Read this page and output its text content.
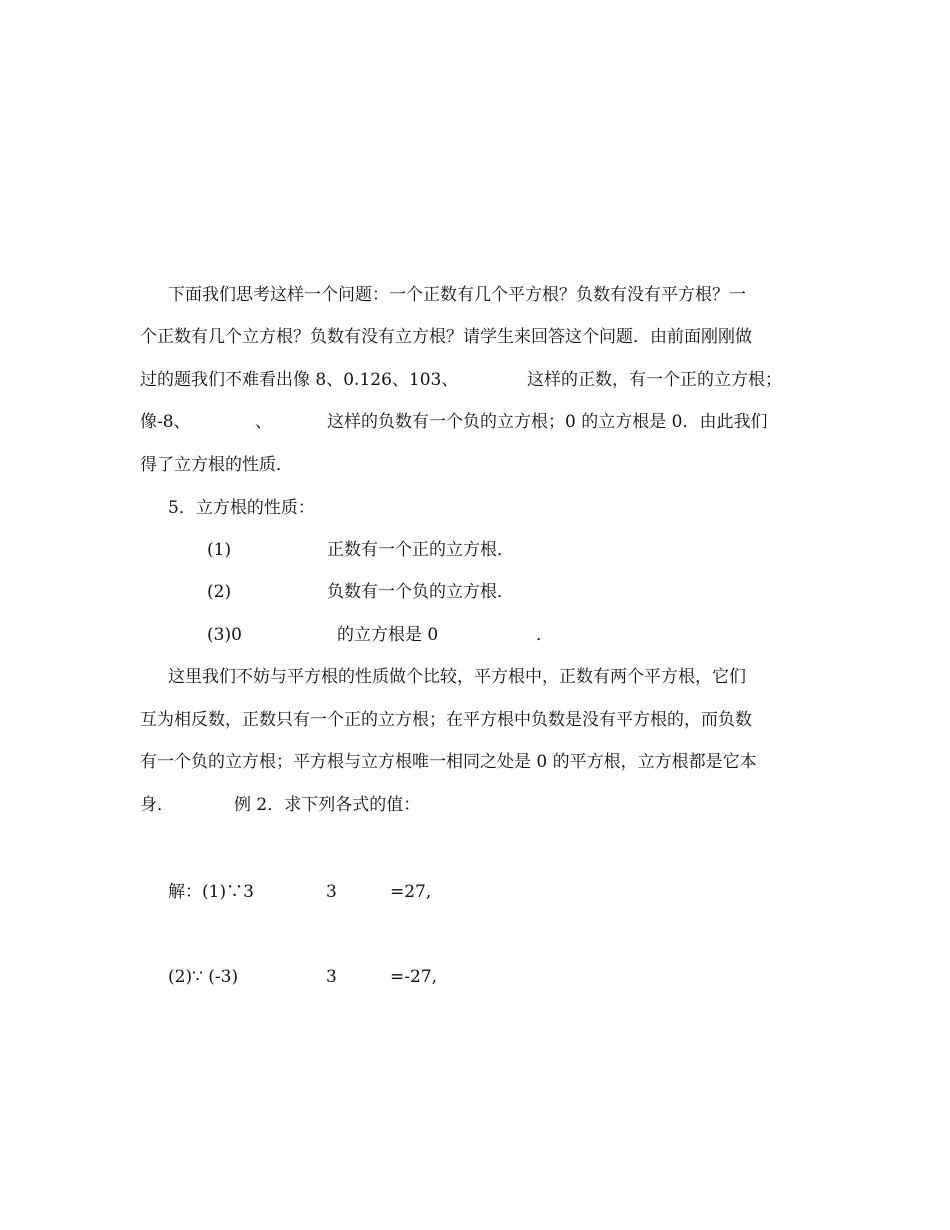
下面我们思考这样一个问题：一个正数有几个平方根？负数有没有平方根？一
个正数有几个立方根？负数有没有立方根？请学生来回答这个问题．由前面刚刚做
过的题我们不难看出像 8、0.126、103、	这样的正数，有一个正的立方根；
像-8、	、	这样的负数有一个负的立方根；0 的立方根是 0．由此我们
得了立方根的性质．
5．立方根的性质：
(1)	正数有一个正的立方根．
(2)	负数有一个负的立方根．
(3)0	的立方根是 0	．
这里我们不妨与平方根的性质做个比较，平方根中，正数有两个平方根，它们
互为相反数，正数只有一个正的立方根；在平方根中负数是没有平方根的，而负数
有一个负的立方根；平方根与立方根唯一相同之处是 0 的平方根，立方根都是它本
身．	例 2．求下列各式的值：
解：(1)∵3	3	=27,
(2)∵ (-3)	3	=-27,
